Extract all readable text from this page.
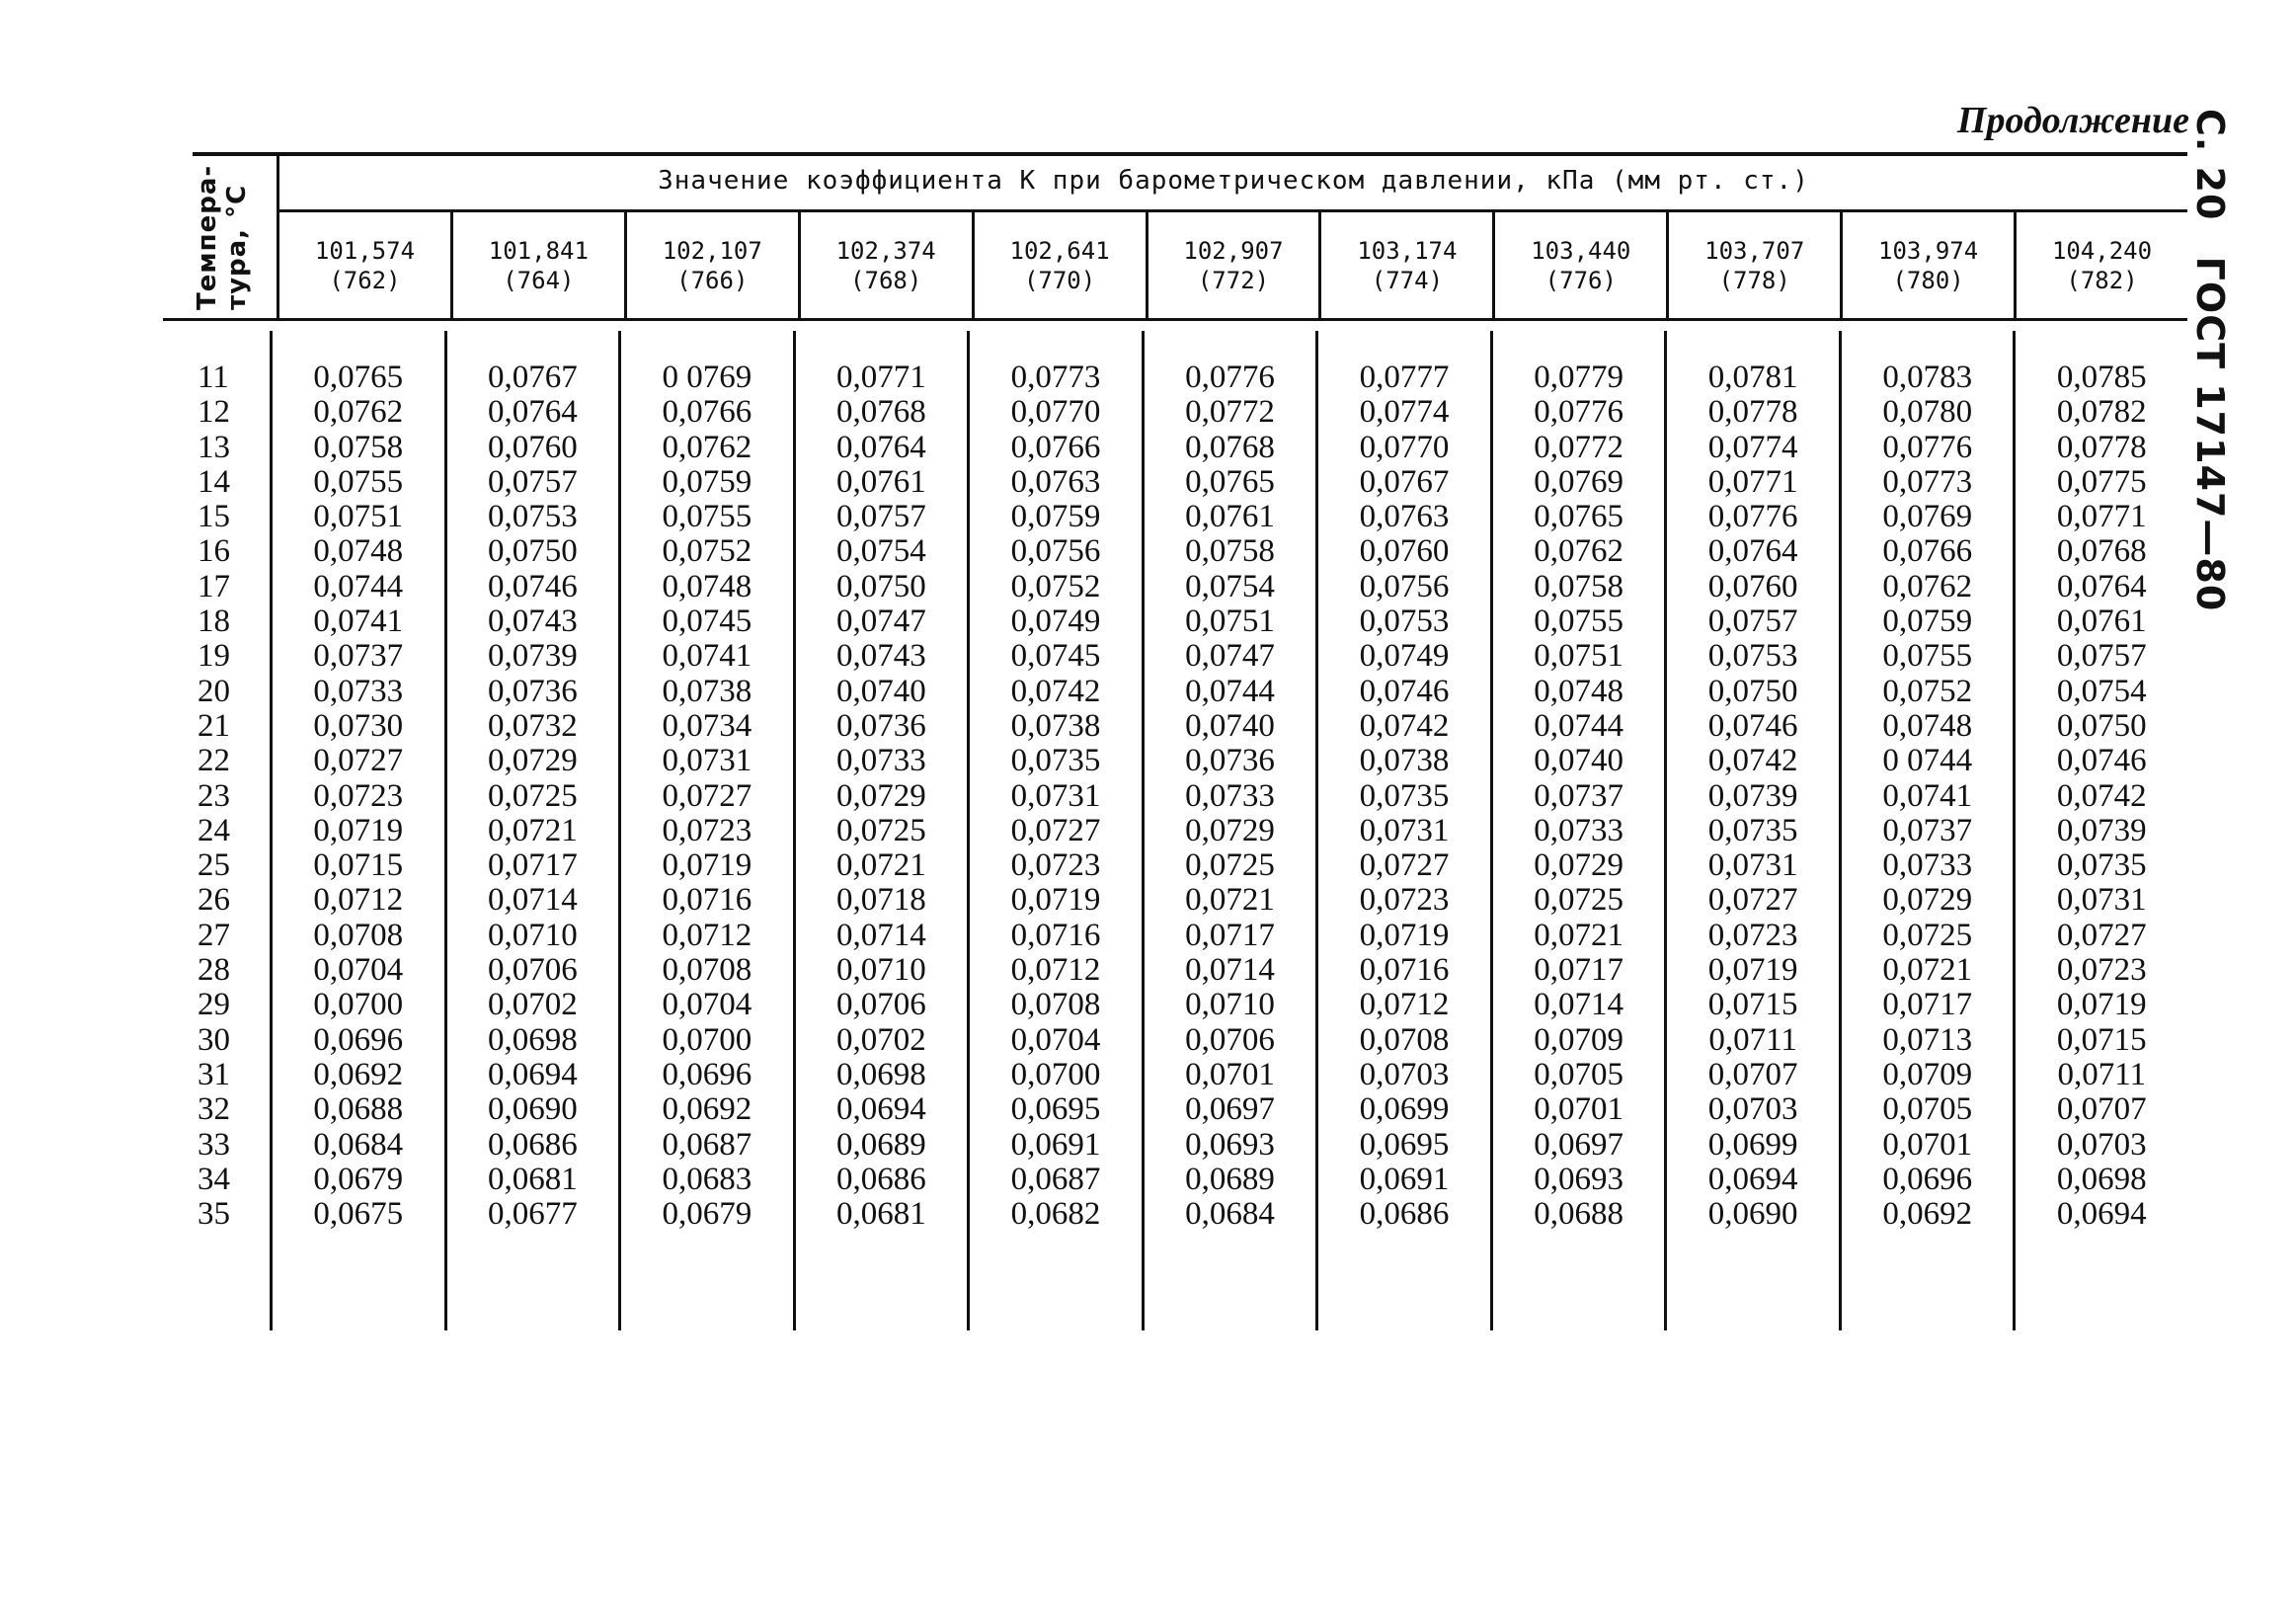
Продолжение С. 20 ГОСТ 17147—80
Темпера- тура, °С
Значение коэффициента K при барометрическом давлении, кПа (мм рт. ст.)
101,574
(762)
101,841
(764)
102,107
(766)
102,374
(768)
102,641
(770)
102,907
(772)
103,174
(774)
103,440
(776)
103,707
(778)
103,974
(780)
104,240
(782)
11
12
13
14
15
16
17
18
19
20
21
22
23
24
25
26
27
28
29
30
31
32
33
34
35
0,0765
0,0762
0,0758
0,0755
0,0751
0,0748
0,0744
0,0741
0,0737
0,0733
0,0730
0,0727
0,0723
0,0719
0,0715
0,0712
0,0708
0,0704
0,0700
0,0696
0,0692
0,0688
0,0684
0,0679
0,0675
0,0767
0,0764
0,0760
0,0757
0,0753
0,0750
0,0746
0,0743
0,0739
0,0736
0,0732
0,0729
0,0725
0,0721
0,0717
0,0714
0,0710
0,0706
0,0702
0,0698
0,0694
0,0690
0,0686
0,0681
0,0677
0 0769
0,0766
0,0762
0,0759
0,0755
0,0752
0,0748
0,0745
0,0741
0,0738
0,0734
0,0731
0,0727
0,0723
0,0719
0,0716
0,0712
0,0708
0,0704
0,0700
0,0696
0,0692
0,0687
0,0683
0,0679
0,0771
0,0768
0,0764
0,0761
0,0757
0,0754
0,0750
0,0747
0,0743
0,0740
0,0736
0,0733
0,0729
0,0725
0,0721
0,0718
0,0714
0,0710
0,0706
0,0702
0,0698
0,0694
0,0689
0,0686
0,0681
0,0773
0,0770
0,0766
0,0763
0,0759
0,0756
0,0752
0,0749
0,0745
0,0742
0,0738
0,0735
0,0731
0,0727
0,0723
0,0719
0,0716
0,0712
0,0708
0,0704
0,0700
0,0695
0,0691
0,0687
0,0682
0,0776
0,0772
0,0768
0,0765
0,0761
0,0758
0,0754
0,0751
0,0747
0,0744
0,0740
0,0736
0,0733
0,0729
0,0725
0,0721
0,0717
0,0714
0,0710
0,0706
0,0701
0,0697
0,0693
0,0689
0,0684
0,0777
0,0774
0,0770
0,0767
0,0763
0,0760
0,0756
0,0753
0,0749
0,0746
0,0742
0,0738
0,0735
0,0731
0,0727
0,0723
0,0719
0,0716
0,0712
0,0708
0,0703
0,0699
0,0695
0,0691
0,0686
0,0779
0,0776
0,0772
0,0769
0,0765
0,0762
0,0758
0,0755
0,0751
0,0748
0,0744
0,0740
0,0737
0,0733
0,0729
0,0725
0,0721
0,0717
0,0714
0,0709
0,0705
0,0701
0,0697
0,0693
0,0688
0,0781
0,0778
0,0774
0,0771
0,0776
0,0764
0,0760
0,0757
0,0753
0,0750
0,0746
0,0742
0,0739
0,0735
0,0731
0,0727
0,0723
0,0719
0,0715
0,0711
0,0707
0,0703
0,0699
0,0694
0,0690
0,0783
0,0780
0,0776
0,0773
0,0769
0,0766
0,0762
0,0759
0,0755
0,0752
0,0748
0 0744
0,0741
0,0737
0,0733
0,0729
0,0725
0,0721
0,0717
0,0713
0,0709
0,0705
0,0701
0,0696
0,0692
0,0785
0,0782
0,0778
0,0775
0,0771
0,0768
0,0764
0,0761
0,0757
0,0754
0,0750
0,0746
0,0742
0,0739
0,0735
0,0731
0,0727
0,0723
0,0719
0,0715
0,0711
0,0707
0,0703
0,0698
0,0694
